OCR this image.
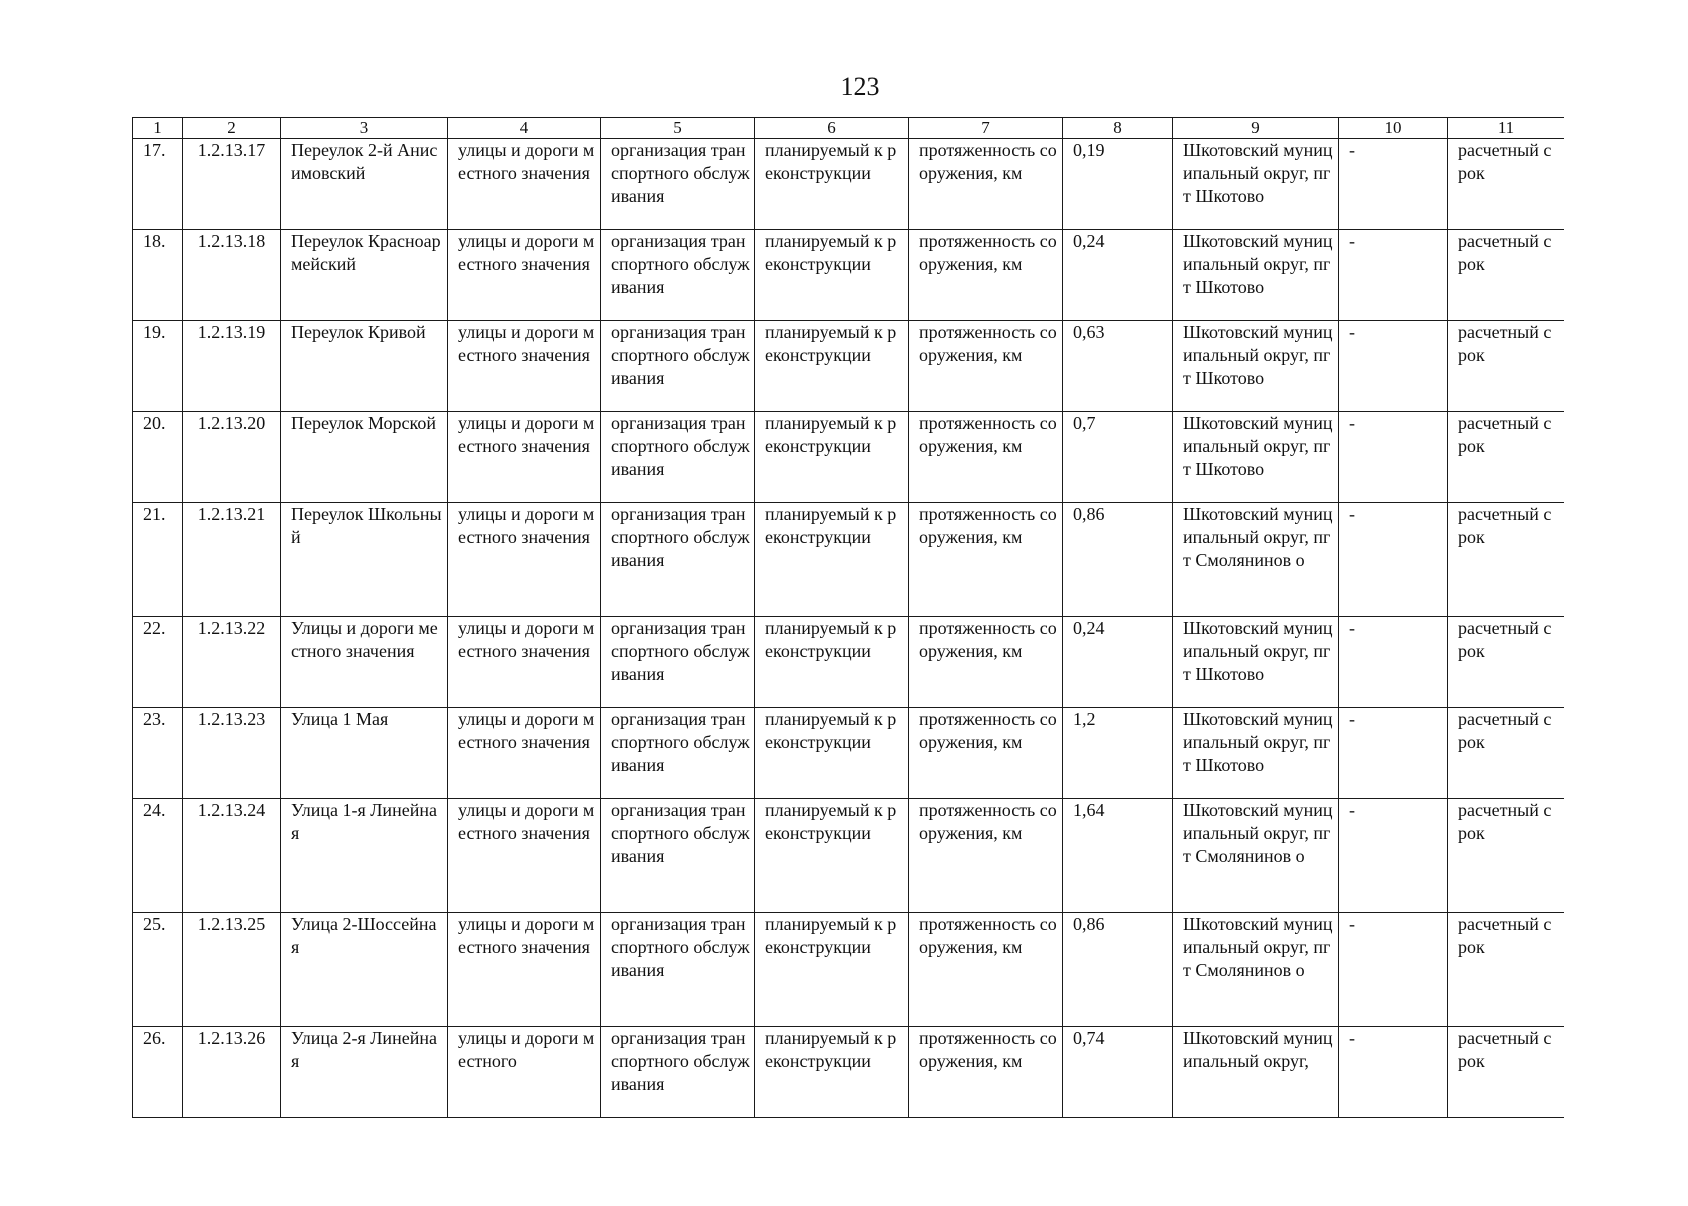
123
1	2	3	4	5	6	7	8	9	10	11
17.	1.2.13.17	Переулок 2-й Анисимовский	улицы и дороги местного значения	организация транспортного обслуживания	планируемый к реконструкции	протяженность сооружения, км	0,19	Шкотовский муниципальный округ, пгт Шкотово	-	расчетный срок
18.	1.2.13.18	Переулок Красноармейский	улицы и дороги местного значения	организация транспортного обслуживания	планируемый к реконструкции	протяженность сооружения, км	0,24	Шкотовский муниципальный округ, пгт Шкотово	-	расчетный срок
19.	1.2.13.19	Переулок Кривой	улицы и дороги местного значения	организация транспортного обслуживания	планируемый к реконструкции	протяженность сооружения, км	0,63	Шкотовский муниципальный округ, пгт Шкотово	-	расчетный срок
20.	1.2.13.20	Переулок Морской	улицы и дороги местного значения	организация транспортного обслуживания	планируемый к реконструкции	протяженность сооружения, км	0,7	Шкотовский муниципальный округ, пгт Шкотово	-	расчетный срок
21.	1.2.13.21	Переулок Школьный	улицы и дороги местного значения	организация транспортного обслуживания	планируемый к реконструкции	протяженность сооружения, км	0,86	Шкотовский муниципальный округ, пгт Смолянинов о	-	расчетный срок
22.	1.2.13.22	Улицы и дороги местного значения	улицы и дороги местного значения	организация транспортного обслуживания	планируемый к реконструкции	протяженность сооружения, км	0,24	Шкотовский муниципальный округ, пгт Шкотово	-	расчетный срок
23.	1.2.13.23	Улица 1 Мая	улицы и дороги местного значения	организация транспортного обслуживания	планируемый к реконструкции	протяженность сооружения, км	1,2	Шкотовский муниципальный округ, пгт Шкотово	-	расчетный срок
24.	1.2.13.24	Улица 1-я Линейная	улицы и дороги местного значения	организация транспортного обслуживания	планируемый к реконструкции	протяженность сооружения, км	1,64	Шкотовский муниципальный округ, пгт Смолянинов о	-	расчетный срок
25.	1.2.13.25	Улица 2-Шоссейная	улицы и дороги местного значения	организация транспортного обслуживания	планируемый к реконструкции	протяженность сооружения, км	0,86	Шкотовский муниципальный округ, пгт Смолянинов о	-	расчетный срок
26.	1.2.13.26	Улица 2-я Линейная	улицы и дороги местного	организация транспортного обслуживания	планируемый к реконструкции	протяженность сооружения, км	0,74	Шкотовский муниципальный округ,	-	расчетный срок
